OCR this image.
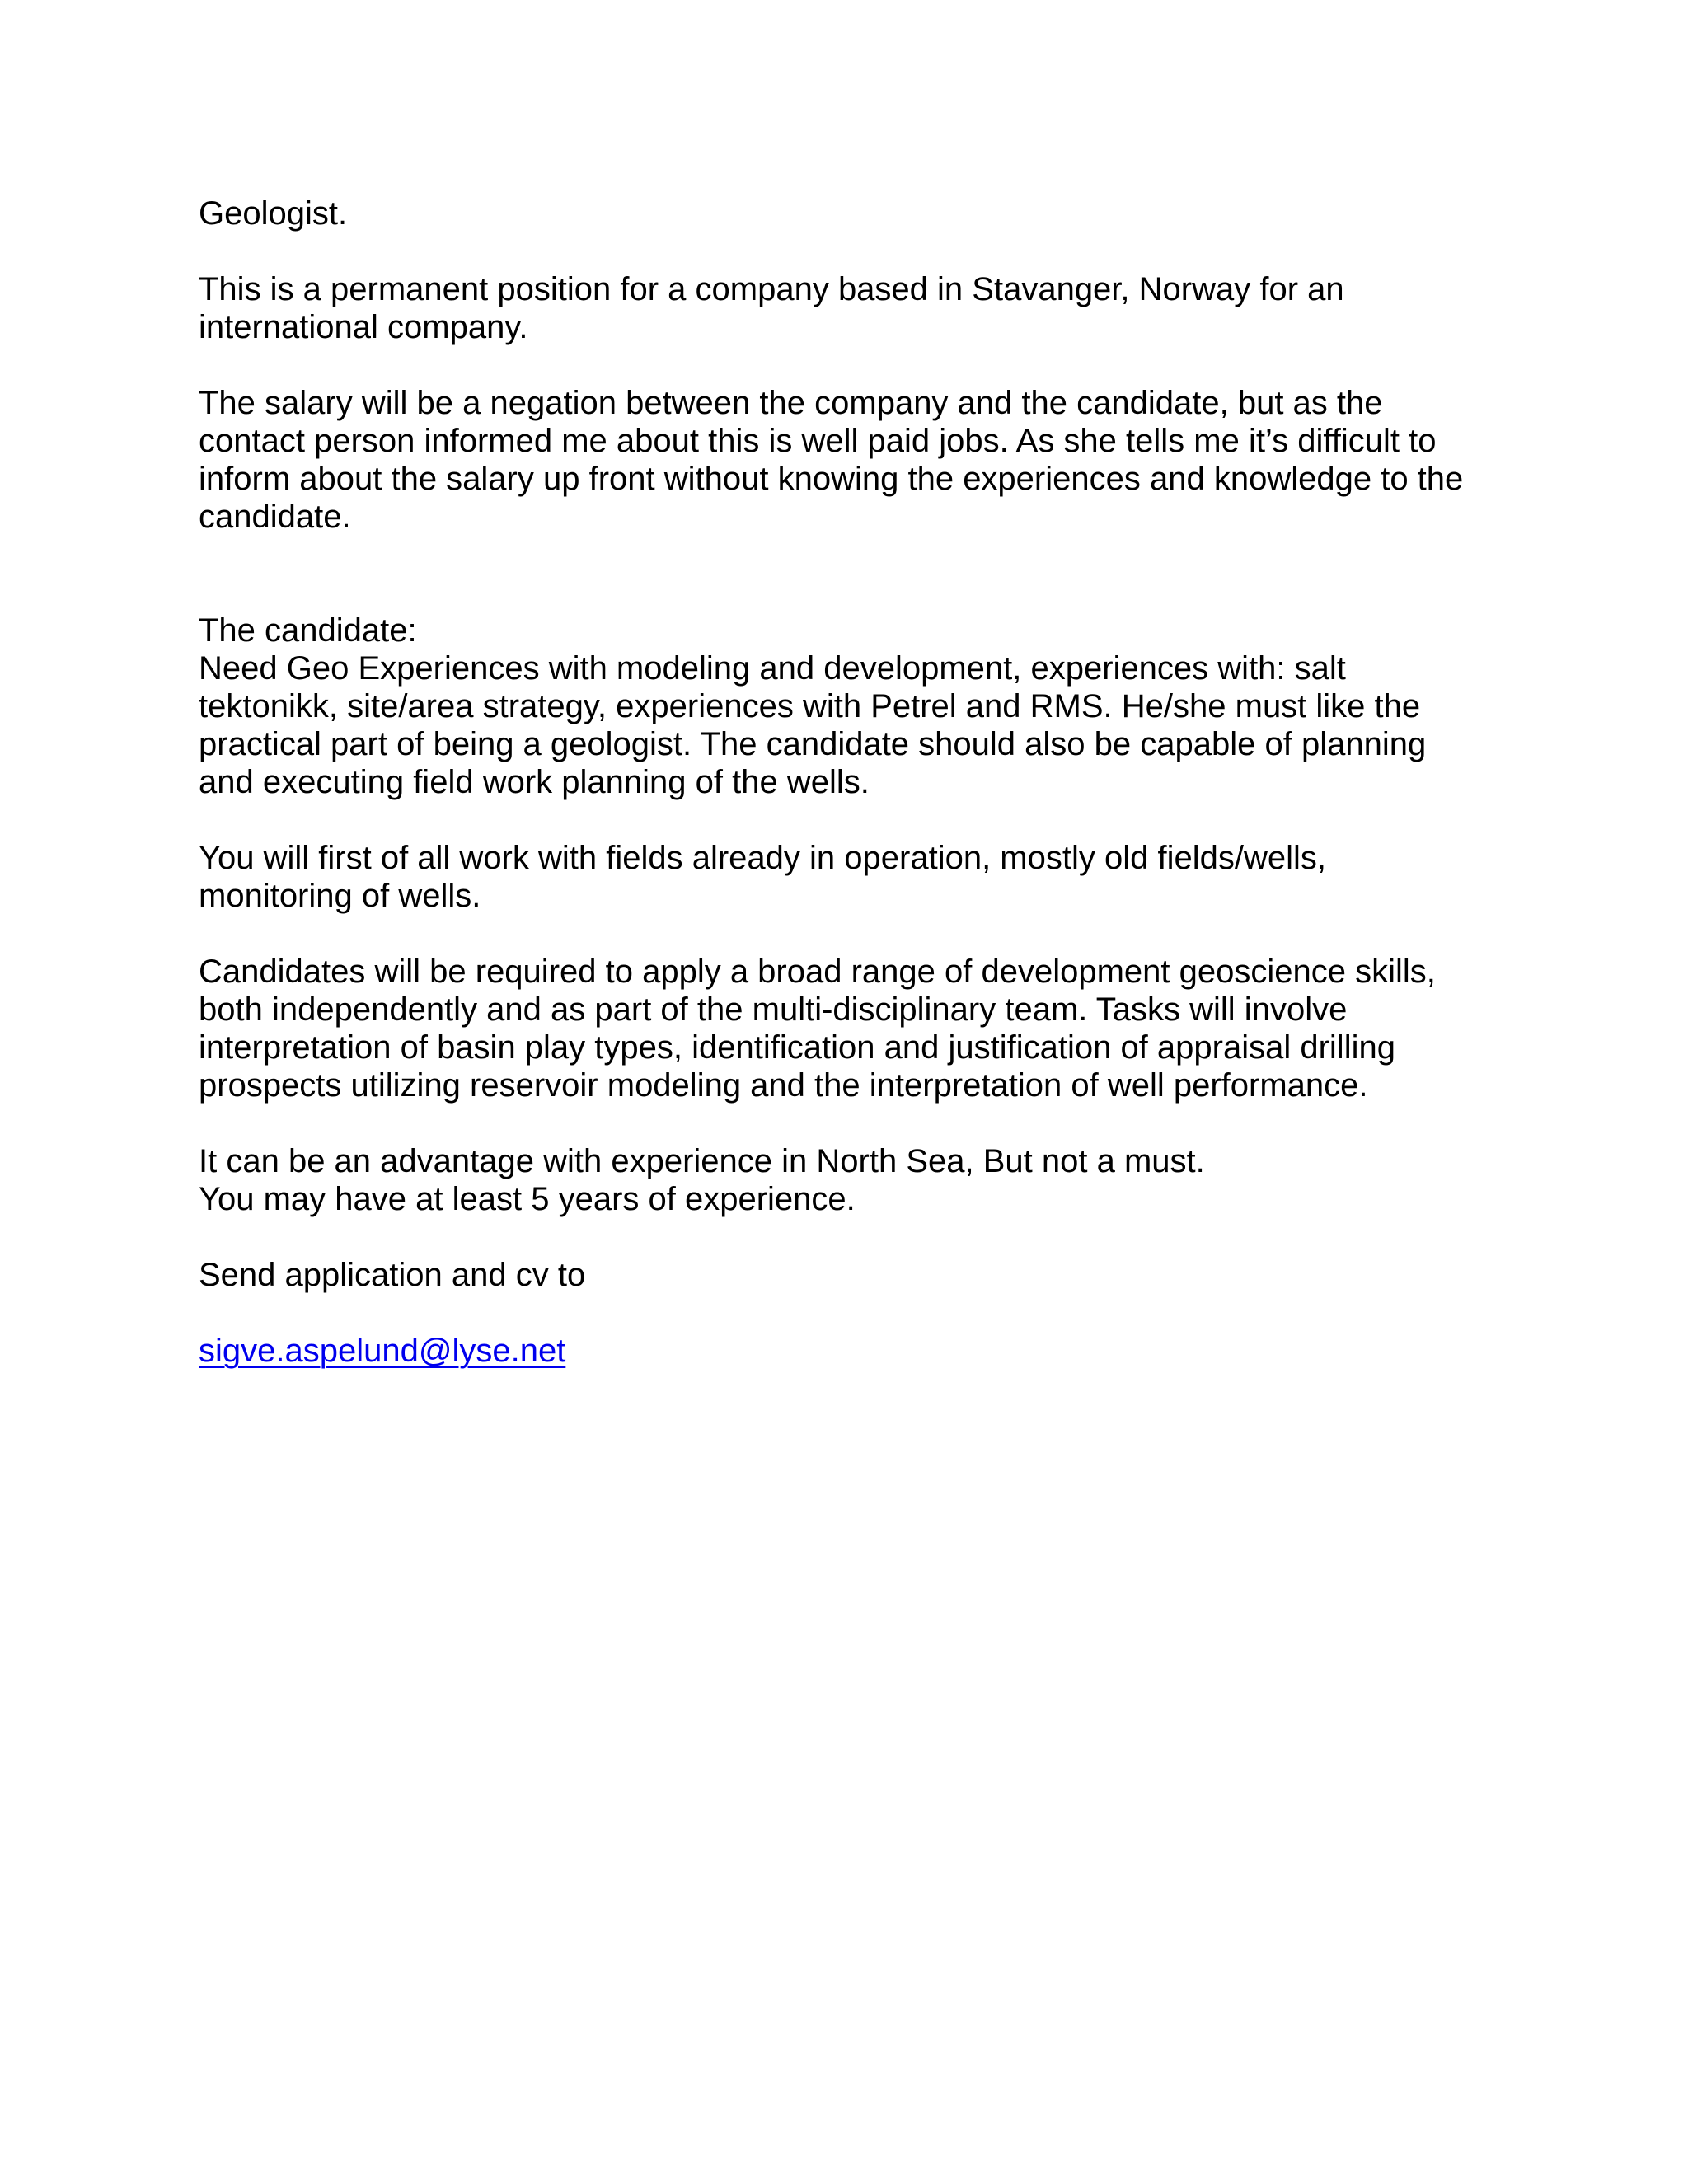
Geologist.

This is a permanent position for a company based in Stavanger, Norway for an
international company.

The salary will be a negation between the company and the candidate, but as the
contact person informed me about this is well paid jobs. As she tells me it’s difficult to
inform about the salary up front without knowing the experiences and knowledge to the
candidate.

The candidate:
Need Geo Experiences with modeling and development, experiences with: salt
tektonikk, site/area strategy, experiences with Petrel and RMS. He/she must like the
practical part of being a geologist. The candidate should also be capable of planning
and executing field work planning of the wells.

You will first of all work with fields already in operation, mostly old fields/wells,
monitoring of wells.

Candidates will be required to apply a broad range of development geoscience skills,
both independently and as part of the multi-disciplinary team. Tasks will involve
interpretation of basin play types, identification and justification of appraisal drilling
prospects utilizing reservoir modeling and the interpretation of well performance.

It can be an advantage with experience in North Sea, But not a must.
You may have at least 5 years of experience.

Send application and cv to

sigve.aspelund@lyse.net
